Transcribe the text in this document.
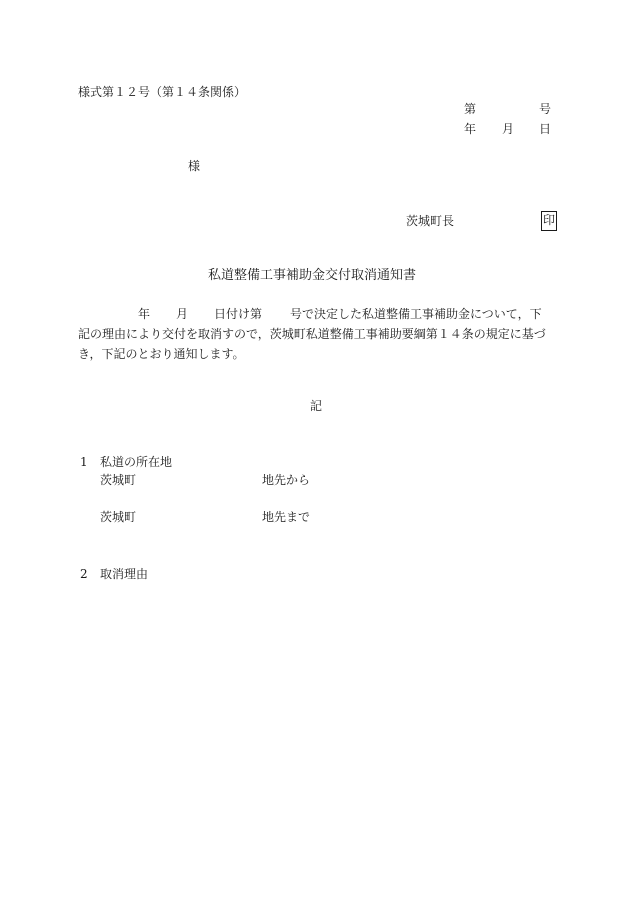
様式第１２号（第１４条関係）
第	号
年 月 日
様
茨城町長	印
私道整備工事補助金交付取消通知書
年 月 日付け第 号で決定した私道整備工事補助金について，下
記の理由により交付を取消すので，茨城町私道整備工事補助要綱第１４条の規定に基づ
き，下記のとおり通知します。
記
1 私道の所在地
茨城町	地先から
茨城町	地先まで
2 取消理由
